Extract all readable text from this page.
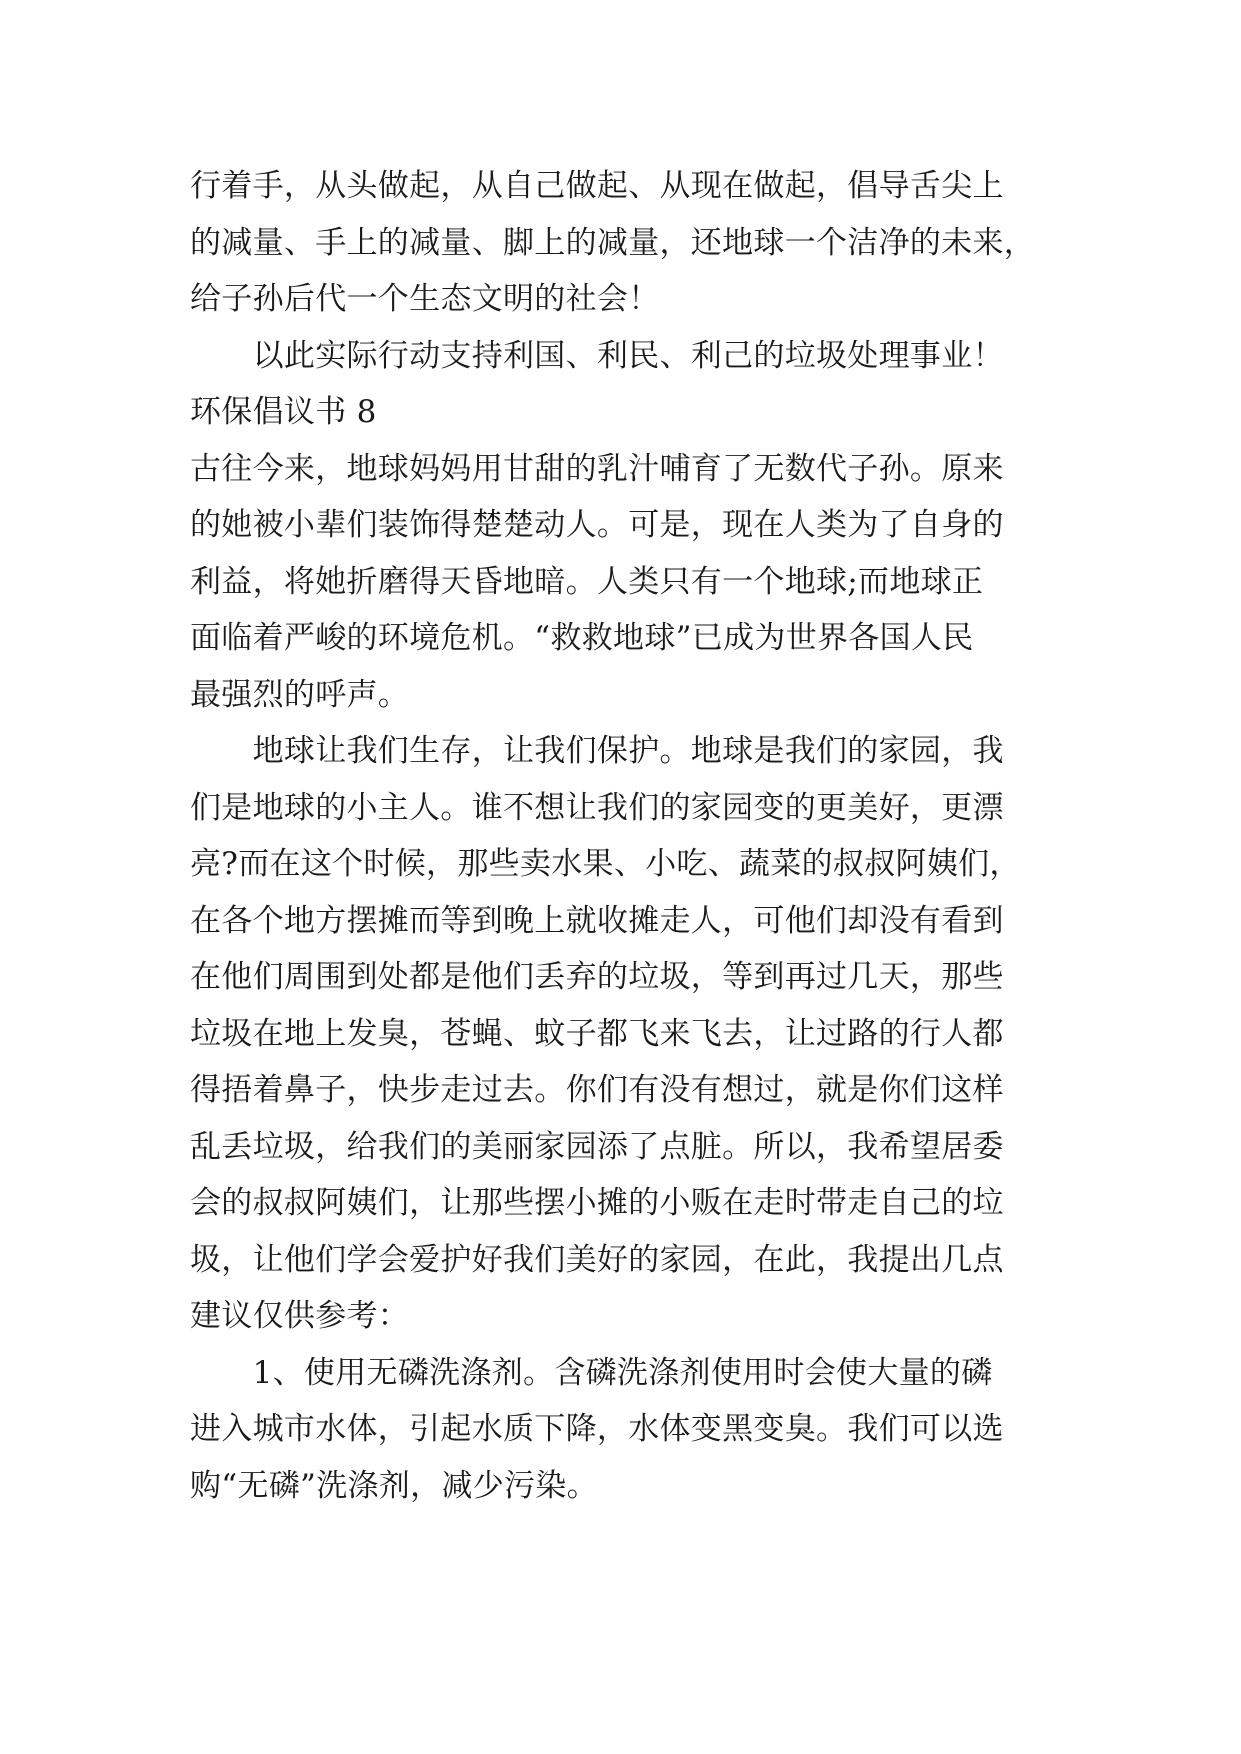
行着手，从头做起，从自己做起、从现在做起，倡导舌尖上
的减量、手上的减量、脚上的减量，还地球一个洁净的未来，
给子孙后代一个生态文明的社会！
　　以此实际行动支持利国、利民、利己的垃圾处理事业！
环保倡议书 8
古往今来，地球妈妈用甘甜的乳汁哺育了无数代子孙。原来
的她被小辈们装饰得楚楚动人。可是，现在人类为了自身的
利益，将她折磨得天昏地暗。人类只有一个地球;而地球正
面临着严峻的环境危机。“救救地球”已成为世界各国人民
最强烈的呼声。
　　地球让我们生存，让我们保护。地球是我们的家园，我
们是地球的小主人。谁不想让我们的家园变的更美好，更漂
亮?而在这个时候，那些卖水果、小吃、蔬菜的叔叔阿姨们，
在各个地方摆摊而等到晚上就收摊走人，可他们却没有看到
在他们周围到处都是他们丢弃的垃圾，等到再过几天，那些
垃圾在地上发臭，苍蝇、蚊子都飞来飞去，让过路的行人都
得捂着鼻子，快步走过去。你们有没有想过，就是你们这样
乱丢垃圾，给我们的美丽家园添了点脏。所以，我希望居委
会的叔叔阿姨们，让那些摆小摊的小贩在走时带走自己的垃
圾，让他们学会爱护好我们美好的家园，在此，我提出几点
建议仅供参考：
　　1、使用无磷洗涤剂。含磷洗涤剂使用时会使大量的磷
进入城市水体，引起水质下降，水体变黑变臭。我们可以选
购“无磷”洗涤剂，减少污染。
